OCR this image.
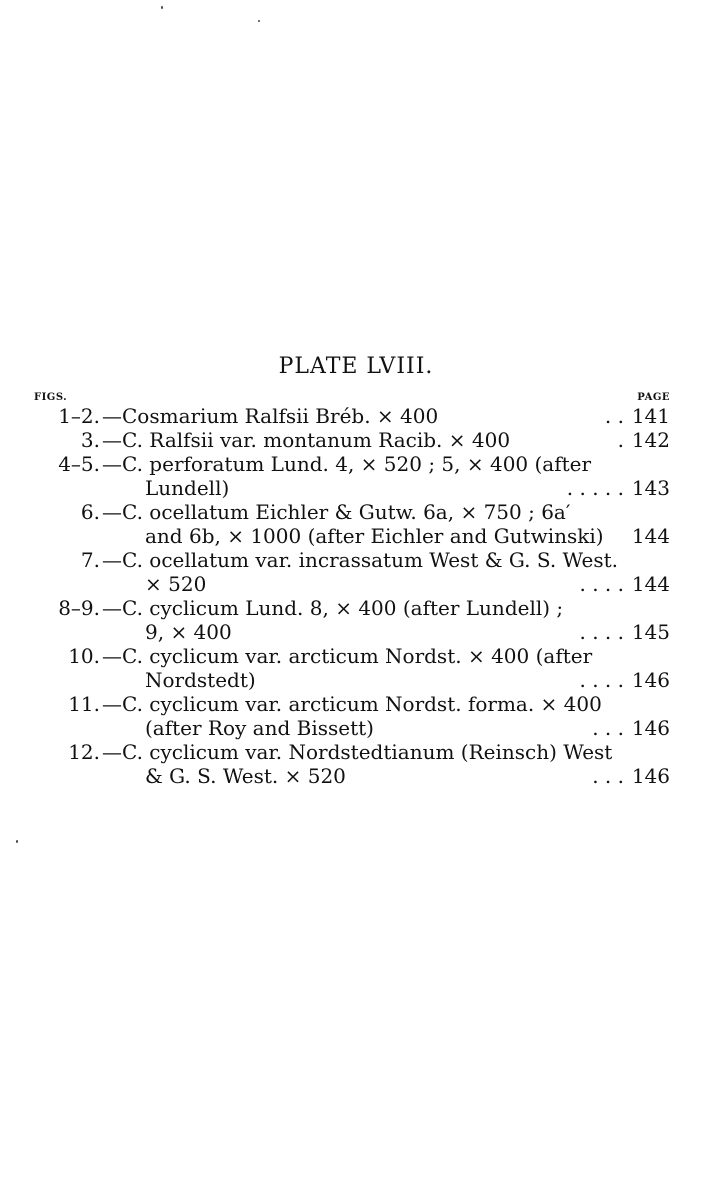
PLATE LVIII.
FIGS.	PAGE
1–2. —Cosmarium Ralfsii Bréb. × 400	. . 141
3. —C. Ralfsii var. montanum Racib. × 400	. 142
4–5. —C. perforatum Lund. 4, × 520 ; 5, × 400 (after
Lundell)	. . . . . 143
6. —C. ocellatum Eichler & Gutw. 6a, × 750 ; 6a′
and 6b, × 1000 (after Eichler and Gutwinski) 144
7. —C. ocellatum var. incrassatum West & G. S. West.
× 520	. . . . 144
8–9. —C. cyclicum Lund. 8, × 400 (after Lundell) ;
9, × 400	. . . . 145
10. —C. cyclicum var. arcticum Nordst. × 400 (after
Nordstedt)	. . . . 146
11. —C. cyclicum var. arcticum Nordst. forma. × 400
(after Roy and Bissett)	. . . 146
12. —C. cyclicum var. Nordstedtianum (Reinsch) West
& G. S. West. × 520	. . . 146
